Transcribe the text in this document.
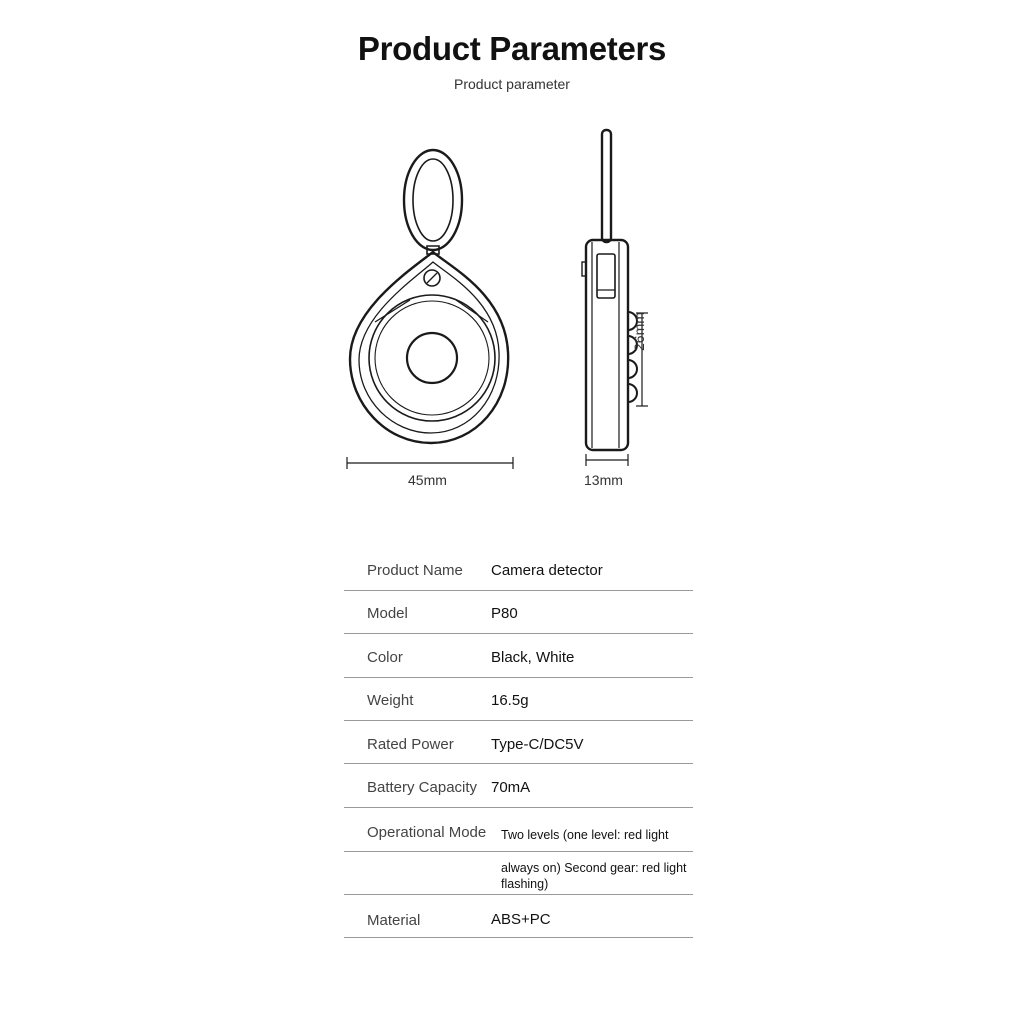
Product Parameters
Product parameter
45mm	13mm
26mm
Product Name Camera detector
Model	P80
Color	Black, White
Weight	16.5g
Rated Power Type-C/DC5V
Battery Capacity 70mA
Operational Mode Two levels (one level: red light
always on) Second gear: red light flashing)
Material	ABS+PC
